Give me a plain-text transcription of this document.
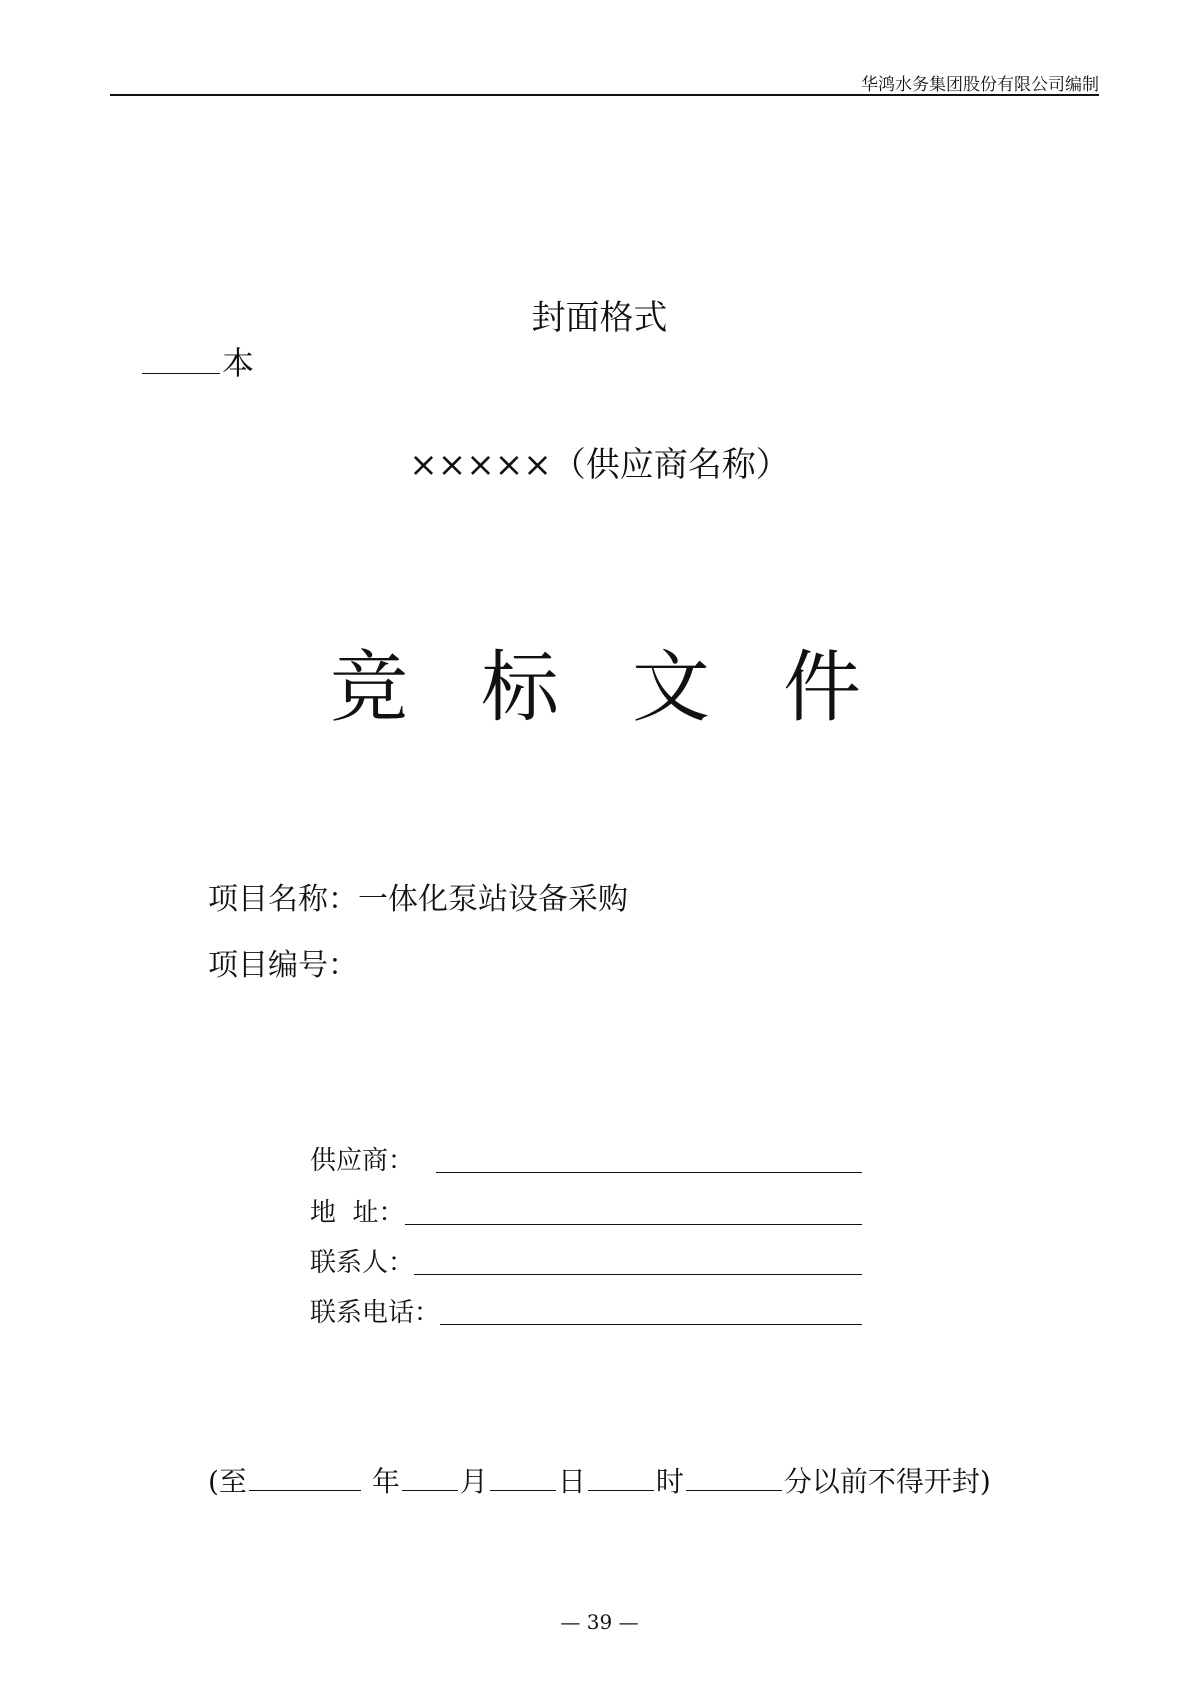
华鸿水务集团股份有限公司编制
封面格式
本
×××××（供应商名称）
竞 标 文 件
项目名称：一体化泵站设备采购
项目编号：
供应商：
地  址：
联系人：
联系电话：
(至	年 月	日	时	分以前不得开封)
— 39 —
